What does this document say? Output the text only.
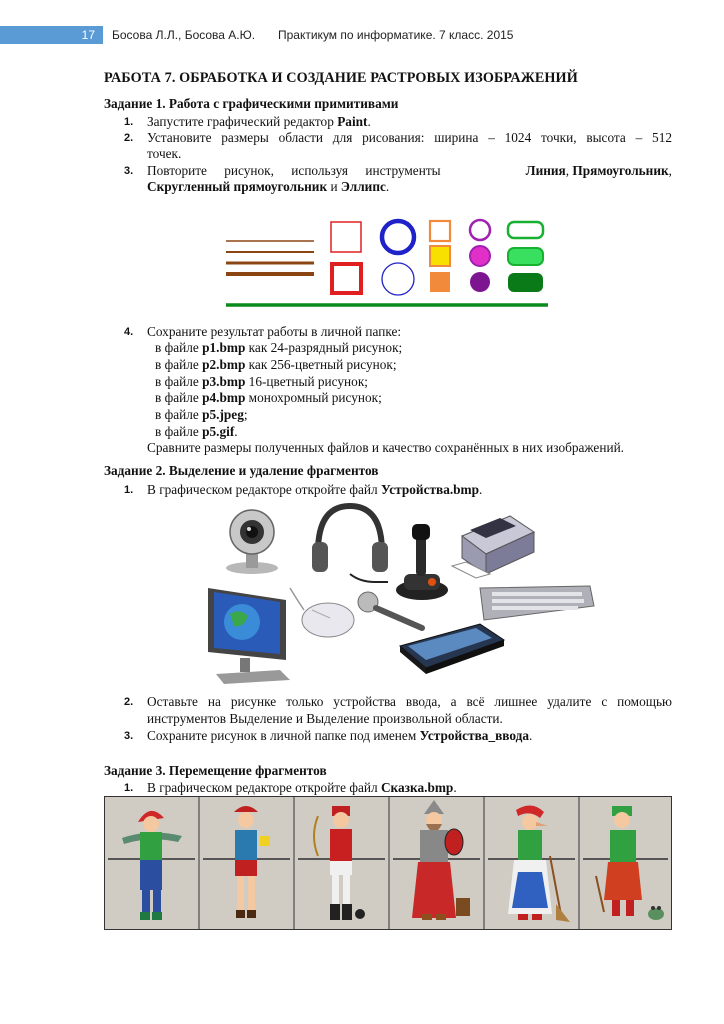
17	Босова Л.Л., Босова А.Ю. Практикум по информатике. 7 класс. 2015
РАБОТА 7. ОБРАБОТКА И СОЗДАНИЕ РАСТРОВЫХ ИЗОБРАЖЕНИЙ
Задание 1. Работа с графическими примитивами
1. Запустите графический редактор Paint.
2. Установите размеры области для рисования: ширина – 1024 точки, высота – 512
точек.
3. Повторите рисунок, используя инструменты	Линия, Прямоугольник,
Скругленный прямоугольник и Эллипс.
4. Сохраните результат работы в личной папке:
в файле p1.bmp как 24-разрядный рисунок;
в файле p2.bmp как 256-цветный рисунок;
в файле p3.bmp 16-цветный рисунок;
в файле p4.bmp монохромный рисунок;
в файле p5.jpeg;
в файле p5.gif.
Сравните размеры полученных файлов и качество сохранённых в них изображений.
Задание 2. Выделение и удаление фрагментов
1. В графическом редакторе откройте файл Устройства.bmp.
2. Оставьте на рисунке только устройства ввода, а всё лишнее удалите с помощью
инструментов Выделение и Выделение произвольной области.
3. Сохраните рисунок в личной папке под именем Устройства_ввода.
Задание 3. Перемещение фрагментов
1. В графическом редакторе откройте файл Сказка.bmp.
